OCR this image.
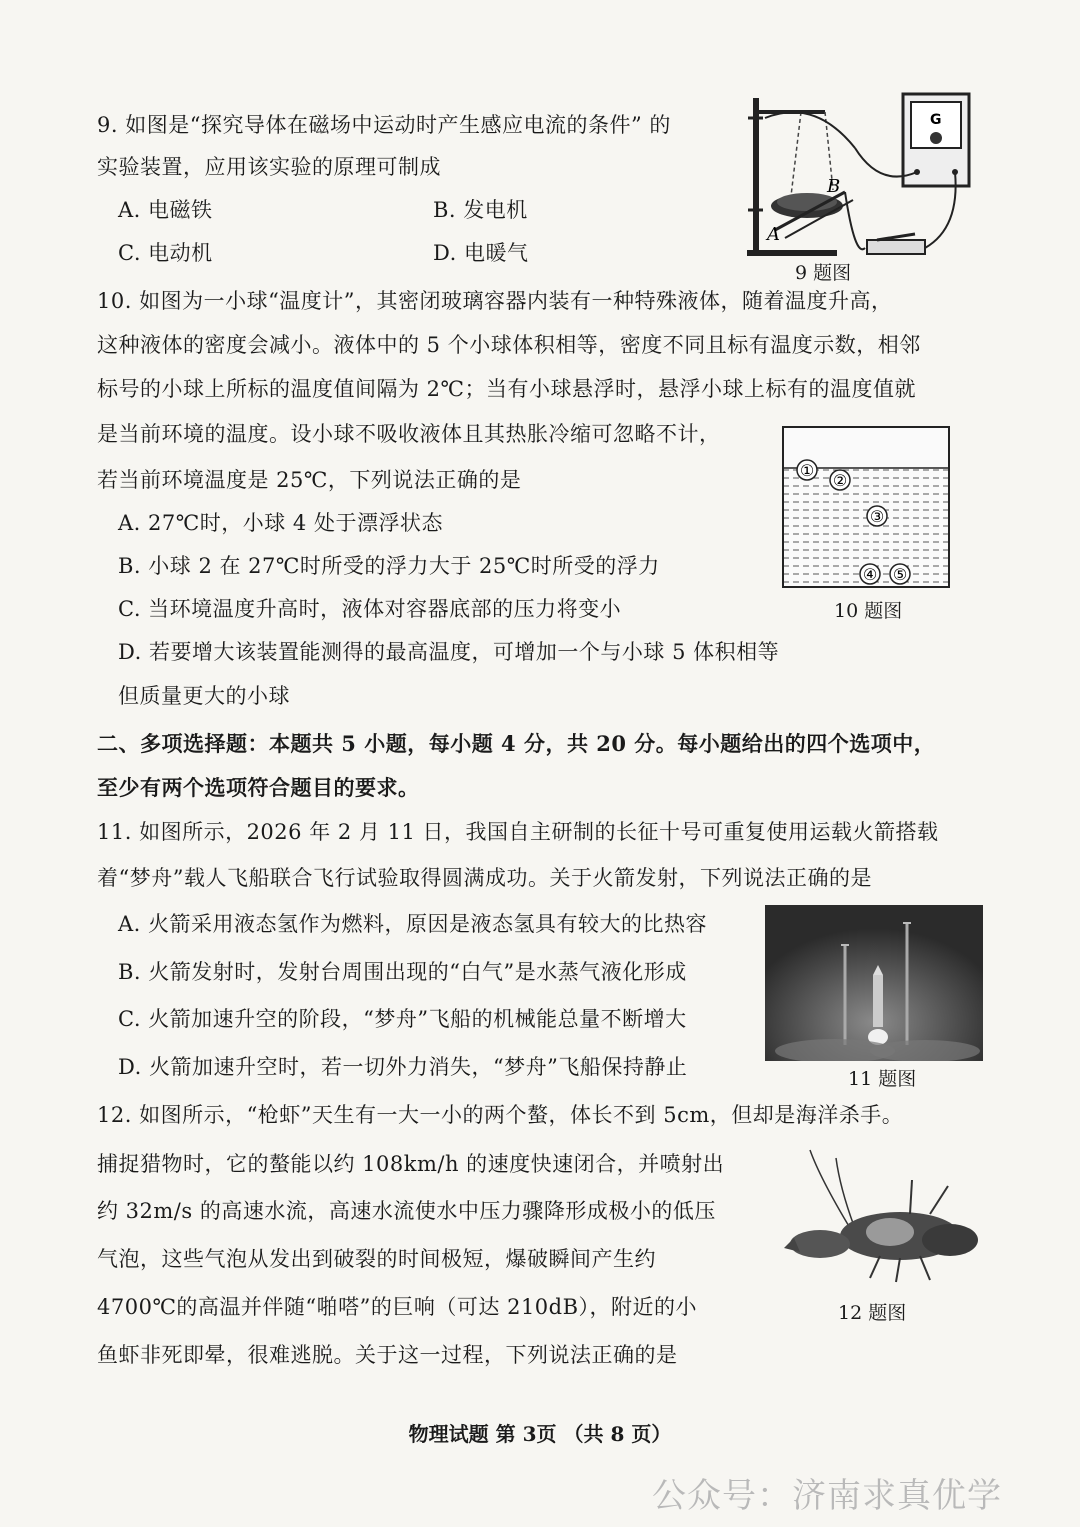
9. 如图是“探究导体在磁场中运动时产生感应电流的条件” 的
实验装置，应用该实验的原理可制成
A. 电磁铁	B. 发电机
C. 电动机	D. 电暖气
A
B
G
9 题图
10. 如图为一小球“温度计”，其密闭玻璃容器内装有一种特殊液体，随着温度升高，
这种液体的密度会减小。液体中的 5 个小球体积相等，密度不同且标有温度示数，相邻
标号的小球上所标的温度值间隔为 2℃；当有小球悬浮时，悬浮小球上标有的温度值就
是当前环境的温度。设小球不吸收液体且其热胀冷缩可忽略不计，
若当前环境温度是 25℃，下列说法正确的是
A. 27℃时，小球 4 处于漂浮状态
B. 小球 2 在 27℃时所受的浮力大于 25℃时所受的浮力
C. 当环境温度升高时，液体对容器底部的压力将变小
D. 若要增大该装置能测得的最高温度，可增加一个与小球 5 体积相等
但质量更大的小球
①
②
③
④ ⑤
10 题图
二、多项选择题：本题共 5 小题，每小题 4 分，共 20 分。每小题给出的四个选项中，
至少有两个选项符合题目的要求。
11. 如图所示，2026 年 2 月 11 日，我国自主研制的长征十号可重复使用运载火箭搭载
着“梦舟”载人飞船联合飞行试验取得圆满成功。关于火箭发射，下列说法正确的是
A. 火箭采用液态氢作为燃料，原因是液态氢具有较大的比热容
B. 火箭发射时，发射台周围出现的“白气”是水蒸气液化形成
C. 火箭加速升空的阶段，“梦舟”飞船的机械能总量不断增大
D. 火箭加速升空时，若一切外力消失，“梦舟”飞船保持静止	11 题图
12. 如图所示，“枪虾”天生有一大一小的两个螯，体长不到 5cm，但却是海洋杀手。
捕捉猎物时，它的螯能以约 108km/h 的速度快速闭合，并喷射出
约 32m/s 的高速水流，高速水流使水中压力骤降形成极小的低压
气泡，这些气泡从发出到破裂的时间极短，爆破瞬间产生约
4700℃的高温并伴随“啪嗒”的巨响（可达 210dB），附近的小
鱼虾非死即晕，很难逃脱。关于这一过程，下列说法正确的是
12 题图
物理试题 第 3页 （共 8 页）
公众号：济南求真优学
